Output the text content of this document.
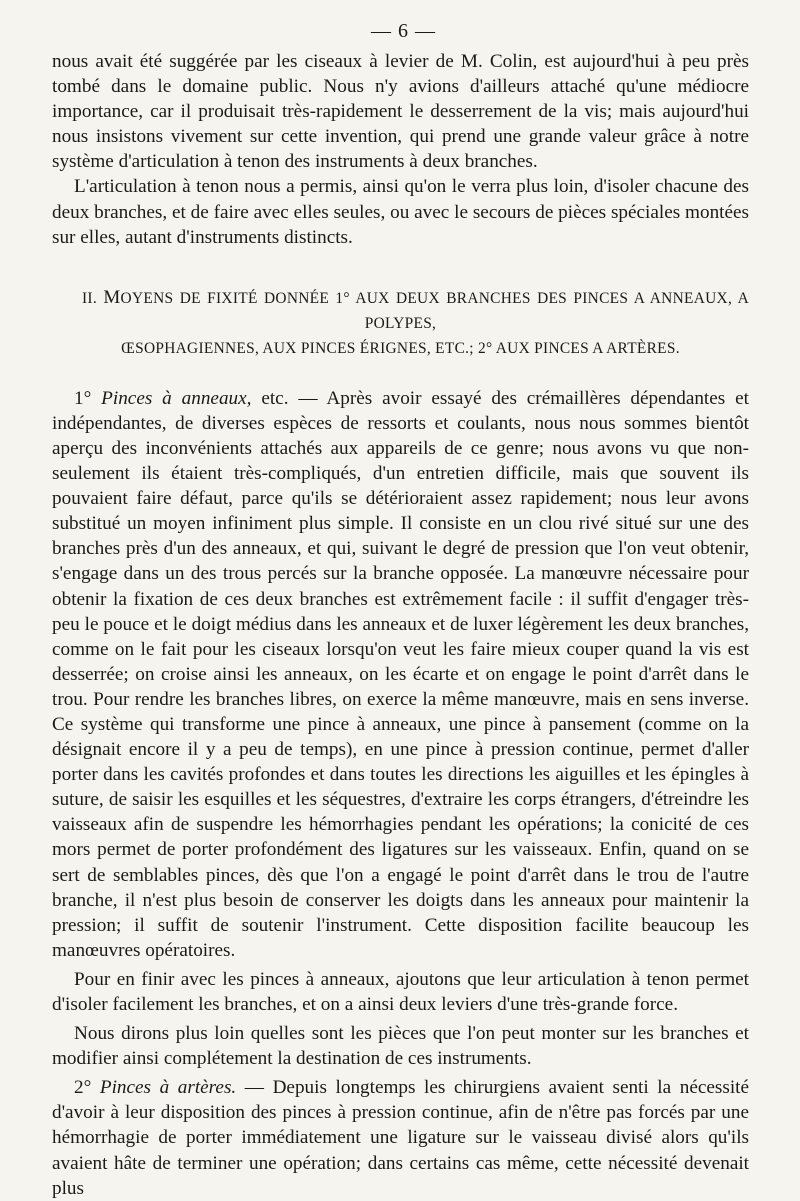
— 6 —

nous avait été suggérée par les ciseaux à levier de M. Colin, est aujourd'hui à peu près tombé dans le domaine public. Nous n'y avions d'ailleurs attaché qu'une médiocre importance, car il produisait très-rapidement le desserrement de la vis; mais aujourd'hui nous insistons vivement sur cette invention, qui prend une grande valeur grâce à notre système d'articulation à tenon des instruments à deux branches.

L'articulation à tenon nous a permis, ainsi qu'on le verra plus loin, d'isoler chacune des deux branches, et de faire avec elles seules, ou avec le secours de pièces spéciales montées sur elles, autant d'instruments distincts.

II. MOYENS DE FIXITÉ DONNÉE 1° AUX DEUX BRANCHES DES PINCES A ANNEAUX, A POLYPES,

ŒSOPHAGIENNES, AUX PINCES ÉRIGNES, ETC.; 2° AUX PINCES A ARTÈRES.

1° Pinces à anneaux, etc. — Après avoir essayé des crémaillères dépendantes et indépendantes, de diverses espèces de ressorts et coulants, nous nous sommes bientôt aperçu des inconvénients attachés aux appareils de ce genre; nous avons vu que non-seulement ils étaient très-compliqués, d'un entretien difficile, mais que souvent ils pouvaient faire défaut, parce qu'ils se détérioraient assez rapidement; nous leur avons substitué un moyen infiniment plus simple. Il consiste en un clou rivé situé sur une des branches près d'un des anneaux, et qui, suivant le degré de pression que l'on veut obtenir, s'engage dans un des trous percés sur la branche opposée. La manœuvre nécessaire pour obtenir la fixation de ces deux branches est extrêmement facile : il suffit d'engager très-peu le pouce et le doigt médius dans les anneaux et de luxer légèrement les deux branches, comme on le fait pour les ciseaux lorsqu'on veut les faire mieux couper quand la vis est desserrée; on croise ainsi les anneaux, on les écarte et on engage le point d'arrêt dans le trou. Pour rendre les branches libres, on exerce la même manœuvre, mais en sens inverse. Ce système qui transforme une pince à anneaux, une pince à pansement (comme on la désignait encore il y a peu de temps), en une pince à pression continue, permet d'aller porter dans les cavités profondes et dans toutes les directions les aiguilles et les épingles à suture, de saisir les esquilles et les séquestres, d'extraire les corps étrangers, d'étreindre les vaisseaux afin de suspendre les hémorrhagies pendant les opérations; la conicité de ces mors permet de porter profondément des ligatures sur les vaisseaux. Enfin, quand on se sert de semblables pinces, dès que l'on a engagé le point d'arrêt dans le trou de l'autre branche, il n'est plus besoin de conserver les doigts dans les anneaux pour maintenir la pression; il suffit de soutenir l'instrument. Cette disposition facilite beaucoup les manœuvres opératoires.

Pour en finir avec les pinces à anneaux, ajoutons que leur articulation à tenon permet d'isoler facilement les branches, et on a ainsi deux leviers d'une très-grande force.

Nous dirons plus loin quelles sont les pièces que l'on peut monter sur les branches et modifier ainsi complétement la destination de ces instruments.

2° Pinces à artères. — Depuis longtemps les chirurgiens avaient senti la nécessité d'avoir à leur disposition des pinces à pression continue, afin de n'être pas forcés par une hémorrhagie de porter immédiatement une ligature sur le vaisseau divisé alors qu'ils avaient hâte de terminer une opération; dans certains cas même, cette nécessité devenait plus
